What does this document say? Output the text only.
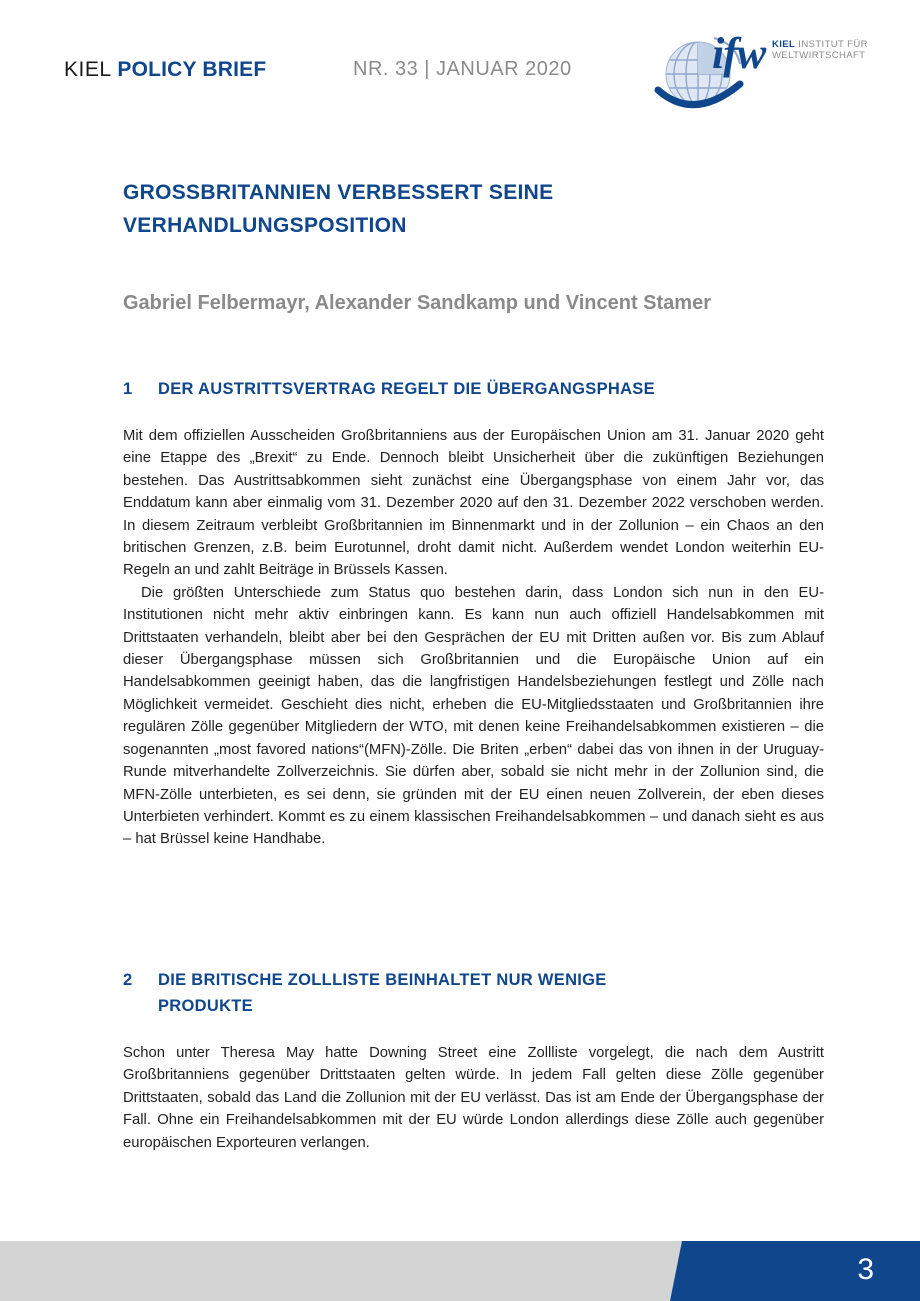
KIEL POLICY BRIEF	NR. 33 | JANUAR 2020	ifw KIEL INSTITUT FÜR
WELTWIRTSCHAFT
GROSSBRITANNIEN VERBESSERT SEINE
VERHANDLUNGSPOSITION
Gabriel Felbermayr, Alexander Sandkamp und Vincent Stamer
1 DER AUSTRITTSVERTRAG REGELT DIE ÜBERGANGSPHASE

Mit dem offiziellen Ausscheiden Großbritanniens aus der Europäischen Union am 31. Januar 2020 geht eine Etappe des „Brexit“ zu Ende. Dennoch bleibt Unsicherheit über die zukünftigen Beziehungen bestehen. Das Austrittsabkommen sieht zunächst eine Übergangsphase von einem Jahr vor, das Enddatum kann aber einmalig vom 31. Dezember 2020 auf den 31. Dezember 2022 verschoben werden. In diesem Zeitraum verbleibt Großbritannien im Binnenmarkt und in der Zollunion – ein Chaos an den britischen Grenzen, z.B. beim Eurotunnel, droht damit nicht. Außerdem wendet London weiterhin EU-Regeln an und zahlt Beiträge in Brüssels Kassen.

Die größten Unterschiede zum Status quo bestehen darin, dass London sich nun in den EU-Institutionen nicht mehr aktiv einbringen kann. Es kann nun auch offiziell Handelsabkommen mit Drittstaaten verhandeln, bleibt aber bei den Gesprächen der EU mit Dritten außen vor. Bis zum Ablauf dieser Übergangsphase müssen sich Großbritannien und die Europäische Union auf ein Handelsabkommen geeinigt haben, das die langfristigen Handelsbeziehungen festlegt und Zölle nach Möglichkeit vermeidet. Geschieht dies nicht, erheben die EU-Mitgliedsstaaten und Großbritannien ihre regulären Zölle gegenüber Mitgliedern der WTO, mit denen keine Freihandelsabkommen existieren – die sogenannten „most favored nations“(MFN)-Zölle. Die Briten „erben“ dabei das von ihnen in der Uruguay-Runde mitverhandelte Zollverzeichnis. Sie dürfen aber, sobald sie nicht mehr in der Zollunion sind, die MFN-Zölle unterbieten, es sei denn, sie gründen mit der EU einen neuen Zollverein, der eben dieses Unterbieten verhindert. Kommt es zu einem klassischen Freihandelsabkommen – und danach sieht es aus – hat Brüssel keine Handhabe.

2 DIE BRITISCHE ZOLLLISTE BEINHALTET NUR WENIGE
PRODUKTE

Schon unter Theresa May hatte Downing Street eine Zollliste vorgelegt, die nach dem Austritt Großbritanniens gegenüber Drittstaaten gelten würde. In jedem Fall gelten diese Zölle gegenüber Drittstaaten, sobald das Land die Zollunion mit der EU verlässt. Das ist am Ende der Übergangsphase der Fall. Ohne ein Freihandelsabkommen mit der EU würde London allerdings diese Zölle auch gegenüber europäischen Exporteuren verlangen.

3
